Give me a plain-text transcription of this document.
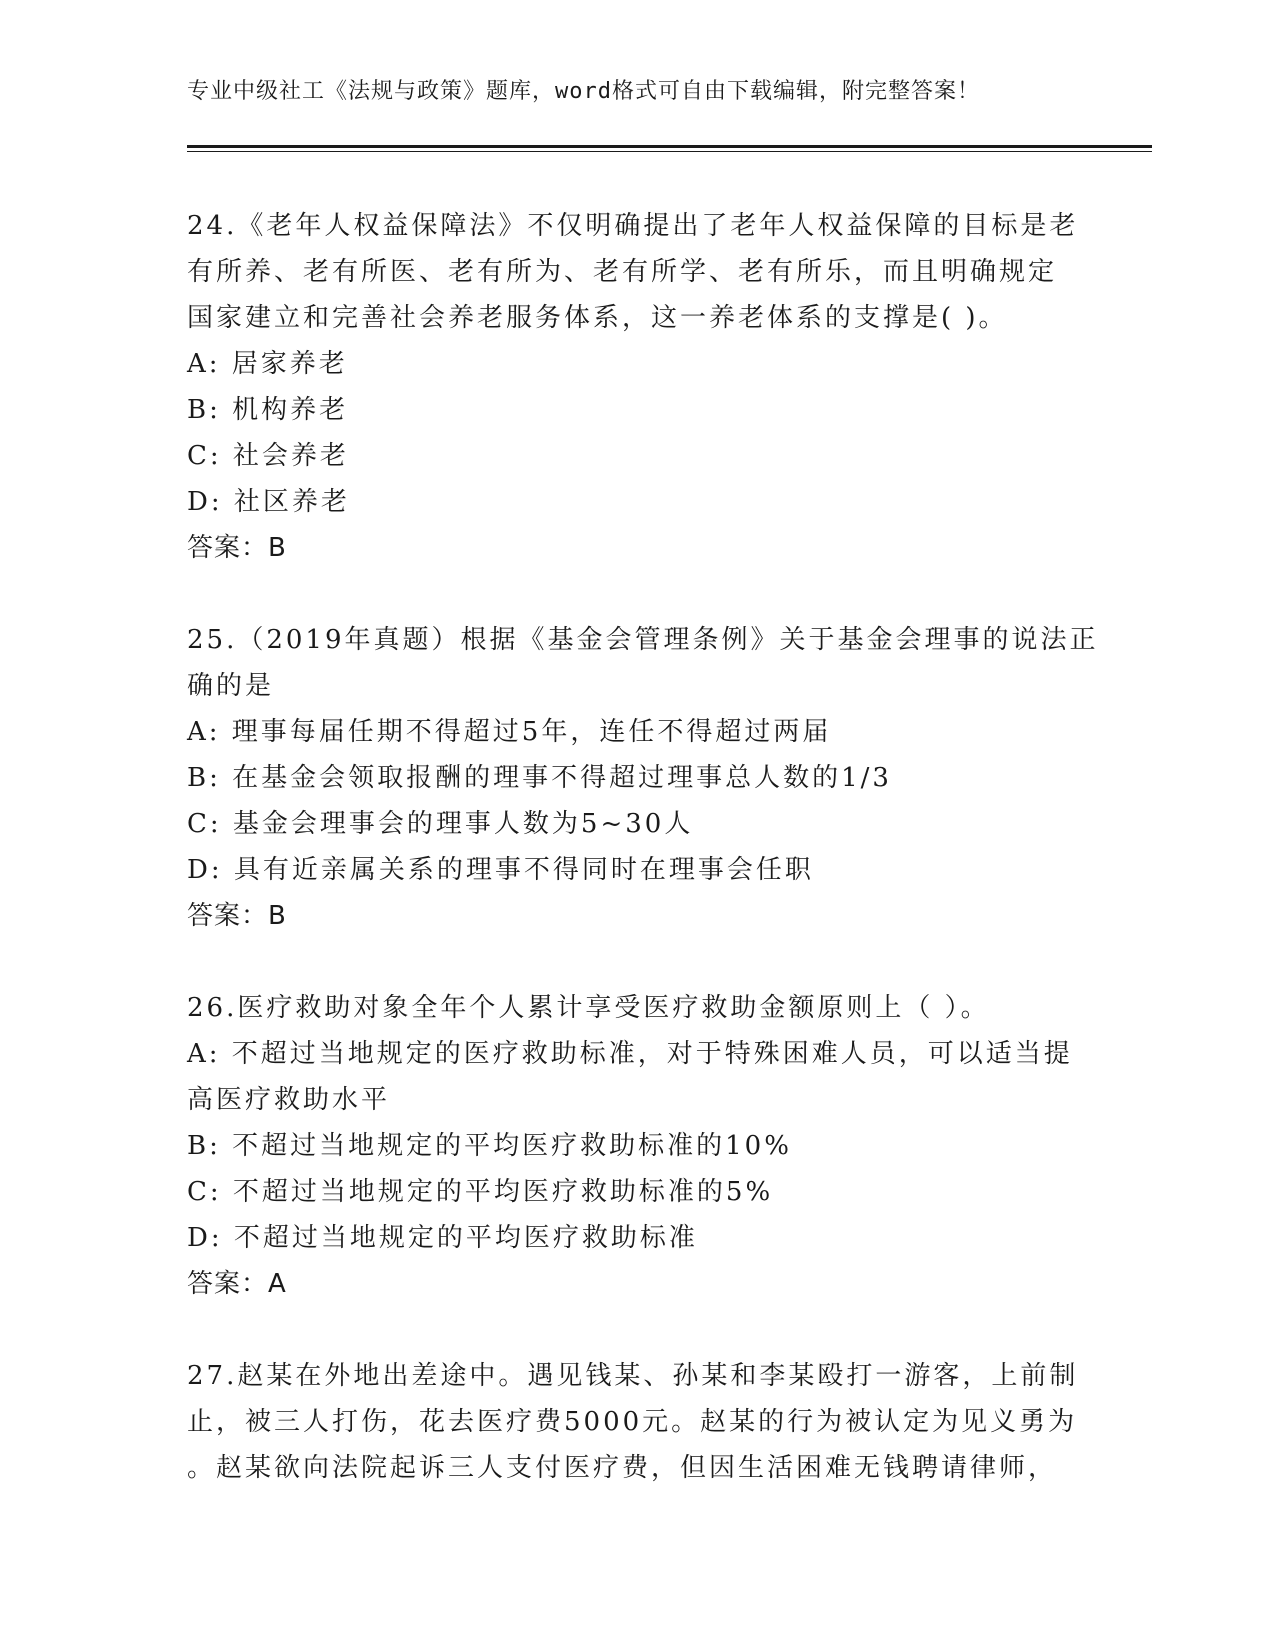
专业中级社工《法规与政策》题库，word格式可自由下载编辑，附完整答案！
24.《老年人权益保障法》不仅明确提出了老年人权益保障的目标是老
有所养、老有所医、老有所为、老有所学、老有所乐，而且明确规定
国家建立和完善社会养老服务体系，这一养老体系的支撑是( )。
A: 居家养老
B: 机构养老
C: 社会养老
D: 社区养老
答案：B
25.（2019年真题）根据《基金会管理条例》关于基金会理事的说法正
确的是
A: 理事每届任期不得超过5年，连任不得超过两届
B: 在基金会领取报酬的理事不得超过理事总人数的1/3
C: 基金会理事会的理事人数为5~30人
D: 具有近亲属关系的理事不得同时在理事会任职
答案：B
26.医疗救助对象全年个人累计享受医疗救助金额原则上（ ）。
A: 不超过当地规定的医疗救助标准，对于特殊困难人员，可以适当提
高医疗救助水平
B: 不超过当地规定的平均医疗救助标准的10%
C: 不超过当地规定的平均医疗救助标准的5%
D: 不超过当地规定的平均医疗救助标准
答案：A
27.赵某在外地出差途中。遇见钱某、孙某和李某殴打一游客，上前制
止，被三人打伤，花去医疗费5000元。赵某的行为被认定为见义勇为
。赵某欲向法院起诉三人支付医疗费，但因生活困难无钱聘请律师，
